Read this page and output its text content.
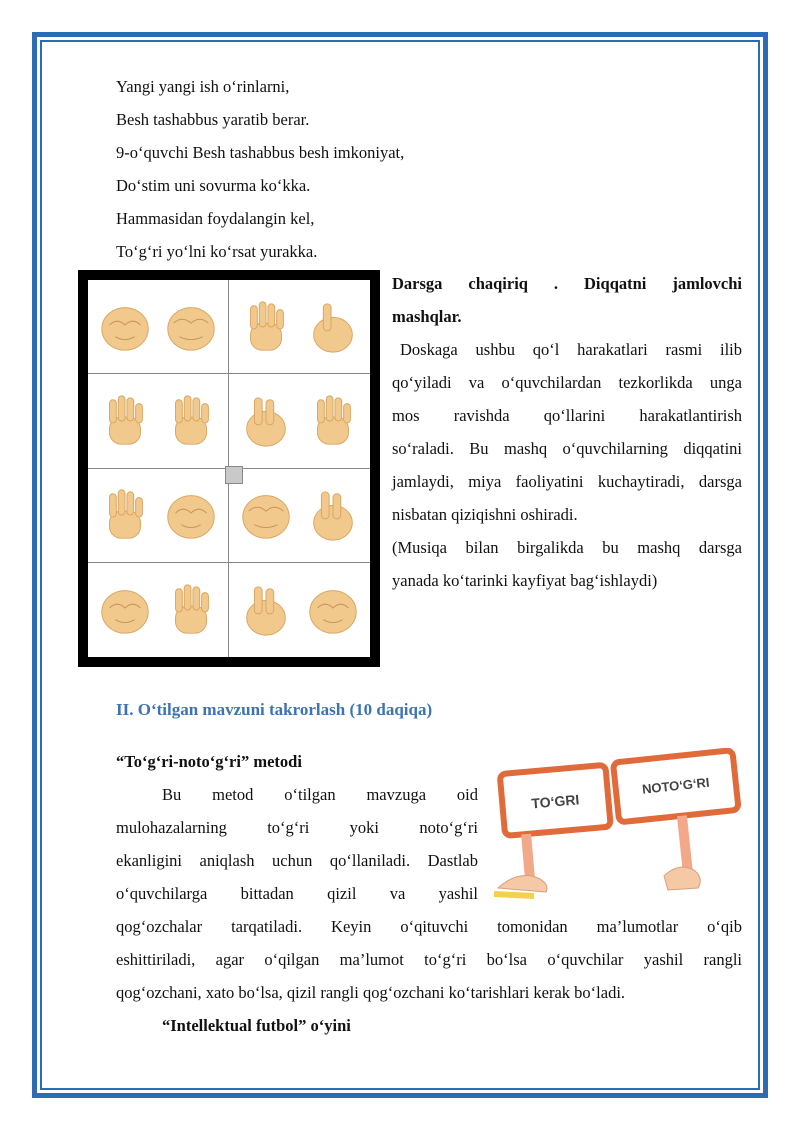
Yangi yangi ish o‘rinlarni,
Besh tashabbus yaratib berar.
9-o‘quvchi Besh tashabbus besh imkoniyat,
Do‘stim uni sovurma ko‘kka.
Hammasidan foydalangin kel,
To‘g‘ri yo‘lni ko‘rsat yurakka.
Darsga chaqiriq . Diqqatni jamlovchi
mashqlar.
Doskaga ushbu qo‘l harakatlari rasmi ilib
qo‘yiladi va o‘quvchilardan tezkorlikda unga
mos ravishda qo‘llarini harakatlantirish
so‘raladi. Bu mashq o‘quvchilarning diqqatini
jamlaydi, miya faoliyatini kuchaytiradi, darsga
nisbatan qiziqishni oshiradi.
(Musiqa bilan birgalikda bu mashq darsga
yanada ko‘tarinki kayfiyat bag‘ishlaydi)
II. O‘tilgan mavzuni takrorlash (10 daqiqa)
“To‘g‘ri-noto‘g‘ri” metodi
Bu metod o‘tilgan mavzuga oid
mulohazalarning to‘g‘ri yoki noto‘g‘ri
ekanligini aniqlash uchun qo‘llaniladi. Dastlab
o‘quvchilarga bittadan qizil va yashil
qog‘ozchalar tarqatiladi. Keyin o‘qituvchi tomonidan ma’lumotlar o‘qib
eshittiriladi, agar o‘qilgan ma’lumot to‘g‘ri bo‘lsa o‘quvchilar yashil rangli
qog‘ozchani, xato bo‘lsa, qizil rangli qog‘ozchani ko‘tarishlari kerak bo‘ladi.
“Intellektual futbol” o‘yini
TO‘GRI
NOTO‘G‘RI
